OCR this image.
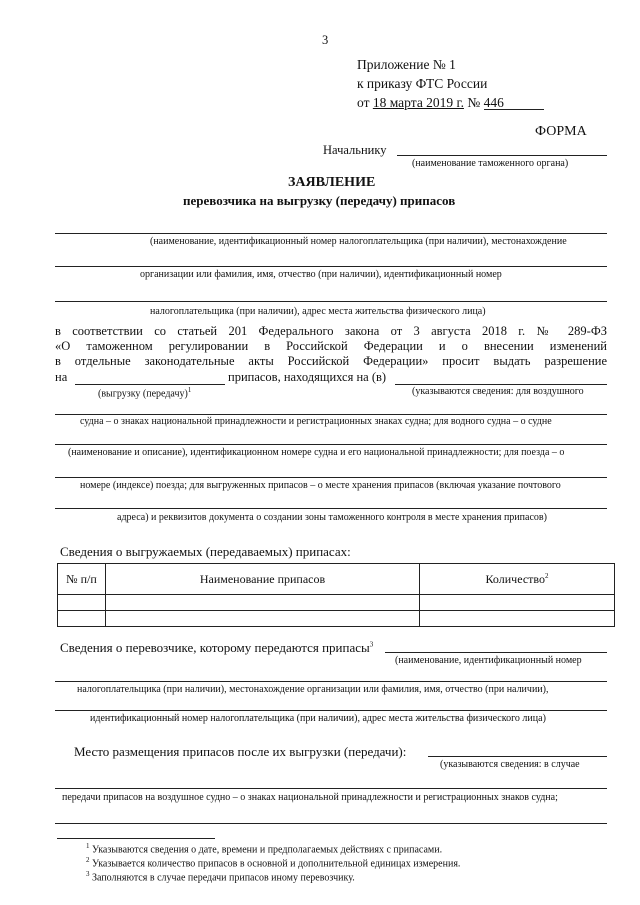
3
Приложение № 1
к приказу ФТС России
от 18 марта 2019 г. № 446
ФОРМА
Начальнику
(наименование таможенного органа)
ЗАЯВЛЕНИЕ
перевозчика на выгрузку (передачу) припасов
(наименование, идентификационный номер налогоплательщика (при наличии), местонахождение
организации или фамилия, имя, отчество (при наличии), идентификационный номер
налогоплательщика (при наличии), адрес места жительства физического лица)
в соответствии со статьей 201 Федерального закона от 3 августа 2018 г. № 289-ФЗ
«О таможенном регулировании в Российской Федерации и о внесении изменений
в отдельные законодательные акты Российской Федерации» просит выдать разрешение
на	припасов, находящихся на (в)
(выгрузку (передачу)$^1$	(указываются сведения: для воздушного
судна – о знаках национальной принадлежности и регистрационных знаках судна; для водного судна – о судне
(наименование и описание), идентификационном номере судна и его национальной принадлежности; для поезда – о
номере (индексе) поезда; для выгруженных припасов – о месте хранения припасов (включая указание почтового
адреса) и реквизитов документа о создании зоны таможенного контроля в месте хранения припасов)
Сведения о выгружаемых (передаваемых) припасах:
№ п/п	Наименование припасов	Количество$^2$

Сведения о перевозчике, которому передаются припасы$^3$
(наименование, идентификационный номер
налогоплательщика (при наличии), местонахождение организации или фамилия, имя, отчество (при наличии),
идентификационный номер налогоплательщика (при наличии), адрес места жительства физического лица)
Место размещения припасов после их выгрузки (передачи):
(указываются сведения: в случае
передачи припасов на воздушное судно – о знаках национальной принадлежности и регистрационных знаков судна;
$^1$ Указываются сведения о дате, времени и предполагаемых действиях с припасами.
$^2$ Указывается количество припасов в основной и дополнительной единицах измерения.
$^3$ Заполняются в случае передачи припасов иному перевозчику.
